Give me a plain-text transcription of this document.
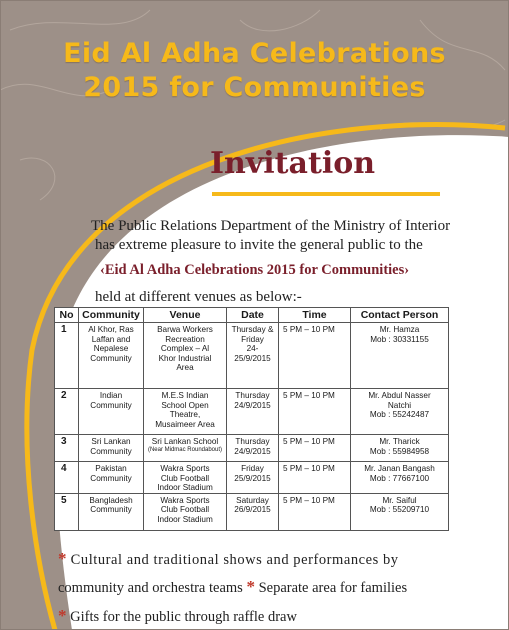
Eid Al Adha Celebrations
2015 for Communities
Invitation
The Public Relations Department of the Ministry of Interior
has extreme pleasure to invite the general public to the
‹Eid Al Adha Celebrations 2015 for Communities›
held at different venues as below:-
No	Community	Venue	Date	Time	Contact Person
1	Al Khor, Ras
Laffan and
Nepalese
Community	Barwa Workers
Recreation
Complex – Al
Khor Industrial
Area	Thursday &
Friday
24-
25/9/2015	5 PM – 10 PM	Mr. Hamza
Mob : 30331155

2	Indian
Community	M.E.S Indian
School Open
Theatre,
Musaimeer Area	Thursday
24/9/2015	5 PM – 10 PM	Mr. Abdul Nasser
Natchi
Mob : 55242487

3	Sri Lankan
Community	Sri Lankan School
(Near Midmac Roundabout)	Thursday
24/9/2015	5 PM – 10 PM	Mr. Tharick
Mob : 55984958

4	Pakistan
Community	Wakra Sports
Club Football
Indoor Stadium	Friday
25/9/2015	5 PM – 10 PM	Mr. Janan Bangash
Mob : 77667100

5	Bangladesh
Community	Wakra Sports
Club Football
Indoor Stadium	Saturday
26/9/2015	5 PM – 10 PM	Mr. Saiful
Mob : 55209710
* Cultural and traditional shows and performances by
community and orchestra teams * Separate area for families
* Gifts for the public through raffle draw
